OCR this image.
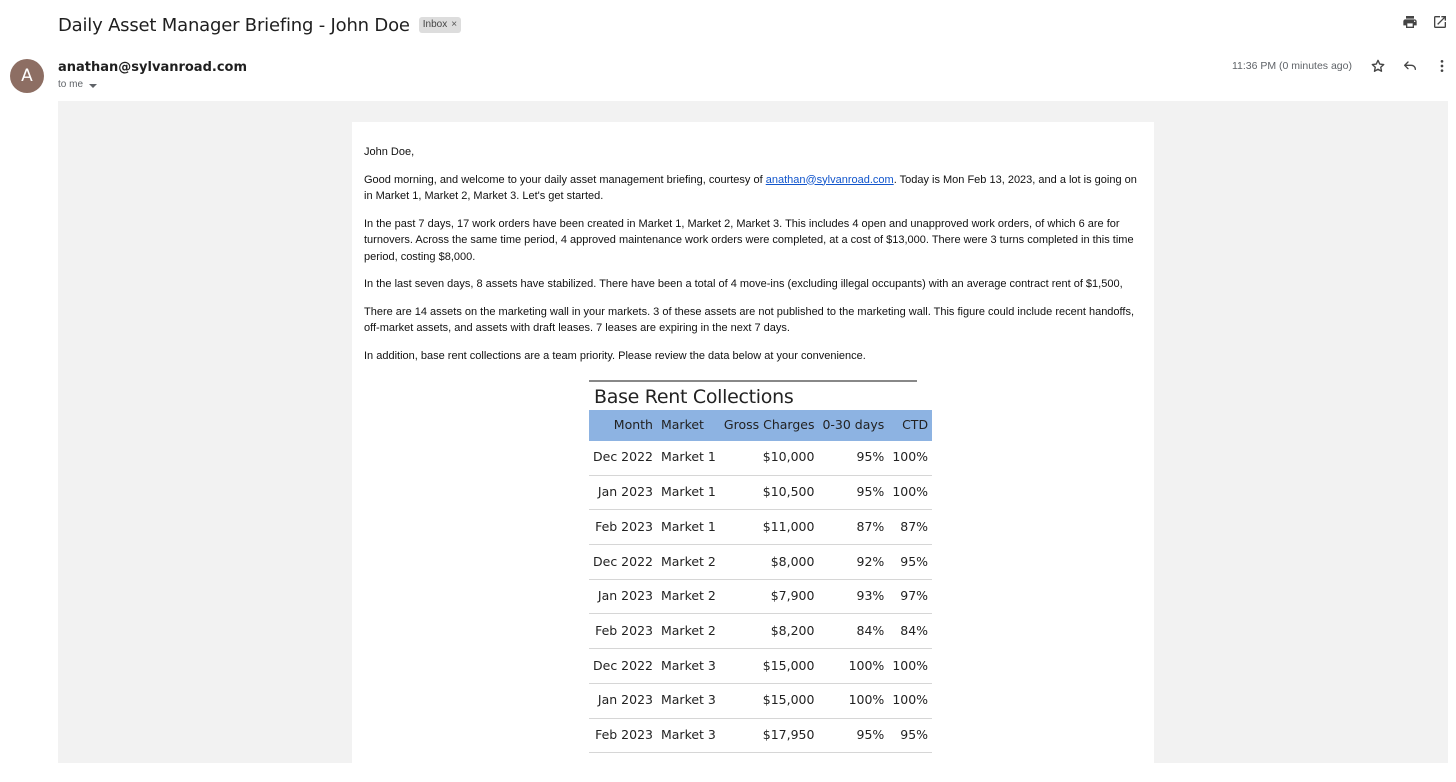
Daily Asset Manager Briefing - John Doe Inbox ×
A	anathan@sylvanroad.com
to me
11:36 PM (0 minutes ago)

John Doe,

Good morning, and welcome to your daily asset management briefing, courtesy of anathan@sylvanroad.com. Today is Mon Feb 13, 2023, and a lot is going on in Market 1, Market 2, Market 3. Let's get started.

In the past 7 days, 17 work orders have been created in Market 1, Market 2, Market 3. This includes 4 open and unapproved work orders, of which 6 are for turnovers. Across the same time period, 4 approved maintenance work orders were completed, at a cost of $13,000. There were 3 turns completed in this time period, costing $8,000.

In the last seven days, 8 assets have stabilized. There have been a total of 4 move-ins (excluding illegal occupants) with an average contract rent of $1,500,

There are 14 assets on the marketing wall in your markets. 3 of these assets are not published to the marketing wall. This figure could include recent handoffs, off-market assets, and assets with draft leases. 7 leases are expiring in the next 7 days.

In addition, base rent collections are a team priority. Please review the data below at your convenience.

Base Rent Collections
Month	Market	Gross Charges	0-30 days	CTD
Dec 2022	Market 1	$10,000	95%	100%
Jan 2023	Market 1	$10,500	95%	100%
Feb 2023	Market 1	$11,000	87%	87%
Dec 2022	Market 2	$8,000	92%	95%
Jan 2023	Market 2	$7,900	93%	97%
Feb 2023	Market 2	$8,200	84%	84%
Dec 2022	Market 3	$15,000	100%	100%
Jan 2023	Market 3	$15,000	100%	100%
Feb 2023	Market 3	$17,950	95%	95%
